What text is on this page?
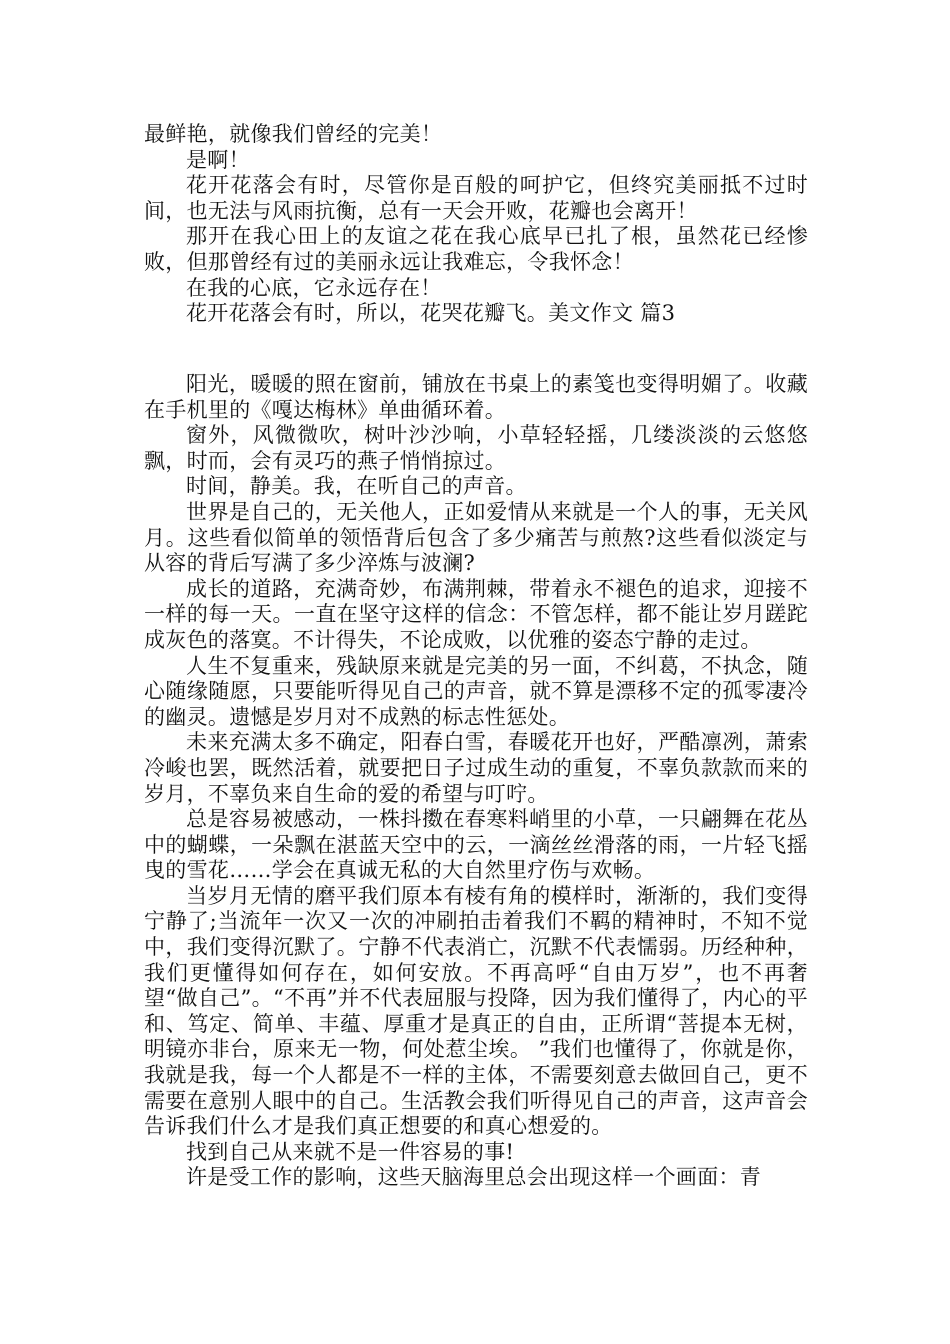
最鲜艳，就像我们曾经的完美！

是啊！

花开花落会有时，尽管你是百般的呵护它，但终究美丽抵不过时间，也无法与风雨抗衡，总有一天会开败，花瓣也会离开！

那开在我心田上的友谊之花在我心底早已扎了根，虽然花已经惨败，但那曾经有过的美丽永远让我难忘，令我怀念！

在我的心底，它永远存在！

花开花落会有时，所以，花哭花瓣飞。美文作文 篇3

阳光，暖暖的照在窗前，铺放在书桌上的素笺也变得明媚了。收藏在手机里的《嘎达梅林》单曲循环着。

窗外，风微微吹，树叶沙沙响，小草轻轻摇，几缕淡淡的云悠悠飘，时而，会有灵巧的燕子悄悄掠过。

时间，静美。我，在听自己的声音。

世界是自己的，无关他人，正如爱情从来就是一个人的事，无关风月。这些看似简单的领悟背后包含了多少痛苦与煎熬?这些看似淡定与从容的背后写满了多少淬炼与波澜?

成长的道路，充满奇妙，布满荆棘，带着永不褪色的追求，迎接不一样的每一天。一直在坚守这样的信念：不管怎样，都不能让岁月蹉跎成灰色的落寞。不计得失，不论成败，以优雅的姿态宁静的走过。

人生不复重来，残缺原来就是完美的另一面，不纠葛，不执念，随心随缘随愿，只要能听得见自己的声音，就不算是漂移不定的孤零凄冷的幽灵。遗憾是岁月对不成熟的标志性惩处。

未来充满太多不确定，阳春白雪，春暖花开也好，严酷凛冽，萧索冷峻也罢，既然活着，就要把日子过成生动的重复，不辜负款款而来的岁月，不辜负来自生命的爱的希望与叮咛。

总是容易被感动，一株抖擞在春寒料峭里的小草，一只翩舞在花丛中的蝴蝶，一朵飘在湛蓝天空中的云，一滴丝丝滑落的雨，一片轻飞摇曳的雪花……学会在真诚无私的大自然里疗伤与欢畅。

当岁月无情的磨平我们原本有棱有角的模样时，渐渐的，我们变得宁静了;当流年一次又一次的冲刷拍击着我们不羁的精神时，不知不觉中，我们变得沉默了。宁静不代表消亡，沉默不代表懦弱。历经种种，我们更懂得如何存在，如何安放。不再高呼“自由万岁”，也不再奢望“做自己”。“不再”并不代表屈服与投降，因为我们懂得了，内心的平和、笃定、简单、丰蕴、厚重才是真正的自由，正所谓“菩提本无树，明镜亦非台，原来无一物，何处惹尘埃。 ”我们也懂得了，你就是你，我就是我，每一个人都是不一样的主体，不需要刻意去做回自己，更不需要在意别人眼中的自己。生活教会我们听得见自己的声音，这声音会告诉我们什么才是我们真正想要的和真心想爱的。

找到自己从来就不是一件容易的事!

许是受工作的影响，这些天脑海里总会出现这样一个画面：青
